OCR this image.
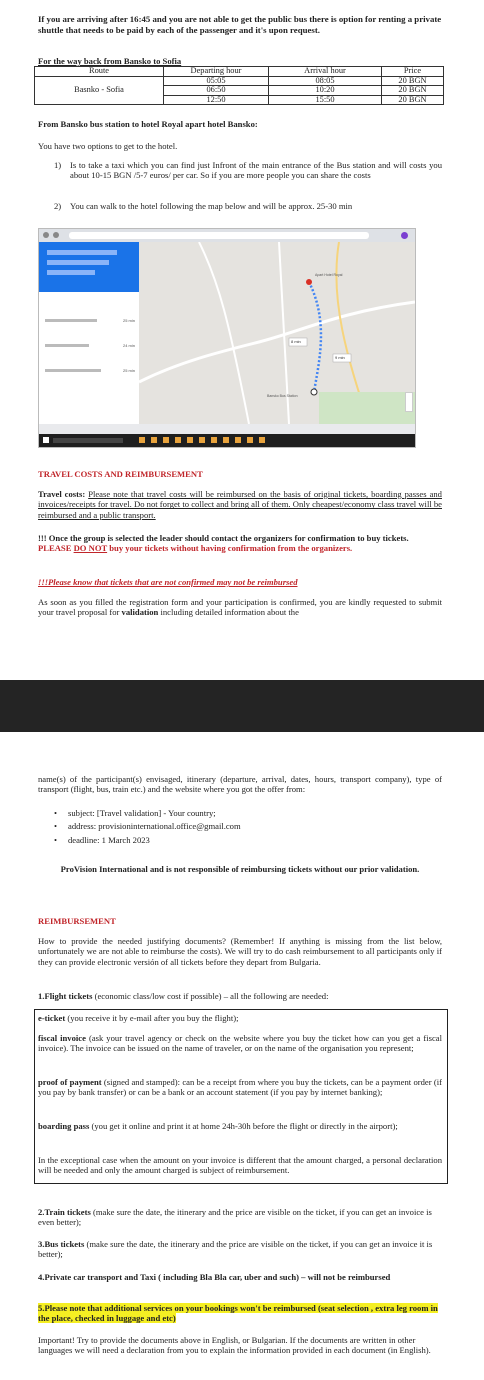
If you are arriving after 16:45 and you are not able to get the public bus there is option for renting a private shuttle that needs to be paid by each of the passenger and it's upon request.
For the way back from Bansko to Sofia
Route	Departing hour	Arrival hour	Price
Basnko - Sofia	05:05	08:05	20 BGN
	06:50	10:20	20 BGN
	12:50	15:50	20 BGN
From Bansko bus station to hotel Royal apart hotel Bansko:
You have two options to get to the hotel.
1)	Is to take a taxi which you can find just Infront of the main entrance of the Bus station and will costs you about 10-15 BGN /5-7 euros/ per car. So if you are more people you can share the costs
2)	You can walk to the hotel following the map below and will be approx. 25-30 min
25 min
24 min
25 min
8 min
9 min
Apart Hotel Royal
Bansko Bus Station
TRAVEL COSTS AND REIMBURSEMENT
Travel costs: Please note that travel costs will be reimbursed on the basis of original tickets, boarding passes and invoices/receipts for travel. Do not forget to collect and bring all of them. Only cheapest/economy class travel will be reimbursed and a public transport.
!!! Once the group is selected the leader should contact the organizers for confirmation to buy tickets. PLEASE DO NOT buy your tickets without having confirmation from the organizers.
!!!Please know that tickets that are not confirmed may not be reimbursed
As soon as you filled the registration form and your participation is confirmed, you are kindly requested to submit your travel proposal for validation including detailed information about the
name(s) of the participant(s) envisaged, itinerary (departure, arrival, dates, hours, transport company), type of transport (flight, bus, train etc.) and the website where you got the offer from:
• subject: [Travel validation] - Your country;
• address: provisioninternational.office@gmail.com
• deadline: 1 March 2023
ProVision International and is not responsible of reimbursing tickets without our prior validation.
REIMBURSEMENT
How to provide the needed justifying documents? (Remember! If anything is missing from the list below, unfortunately we are not able to reimburse the costs). We will try to do cash reimbursement to all participants only if they can provide electronic versión of all tickets before they depart from Bulgaria.
1.Flight tickets (economic class/low cost if possible) – all the following are needed:
e-ticket (you receive it by e-mail after you buy the flight);
fiscal invoice (ask your travel agency or check on the website where you buy the ticket how can you get a fiscal invoice). The invoice can be issued on the name of traveler, or on the name of the organisation you represent;
proof of payment (signed and stamped): can be a receipt from where you buy the tickets, can be a payment order (if you pay by bank transfer) or can be a bank or an account statement (if you pay by internet banking);
boarding pass (you get it online and print it at home 24h-30h before the flight or directly in the airport);
In the exceptional case when the amount on your invoice is different that the amount charged, a personal declaration will be needed and only the amount charged is subject of reimbursement.
2.Train tickets (make sure the date, the itinerary and the price are visible on the ticket, if you can get an invoice is even better);
3.Bus tickets (make sure the date, the itinerary and the price are visible on the ticket, if you can get an invoice it is better);
4.Private car transport and Taxi ( including Bla Bla car, uber and such) – will not be reimbursed
5.Please note that additional services on your bookings won't be reimbursed (seat selection , extra leg room in the place, checked in luggage and etc)
Important! Try to provide the documents above in English, or Bulgarian. If the documents are written in other languages we will need a declaration from you to explain the information provided in each document (in English).
